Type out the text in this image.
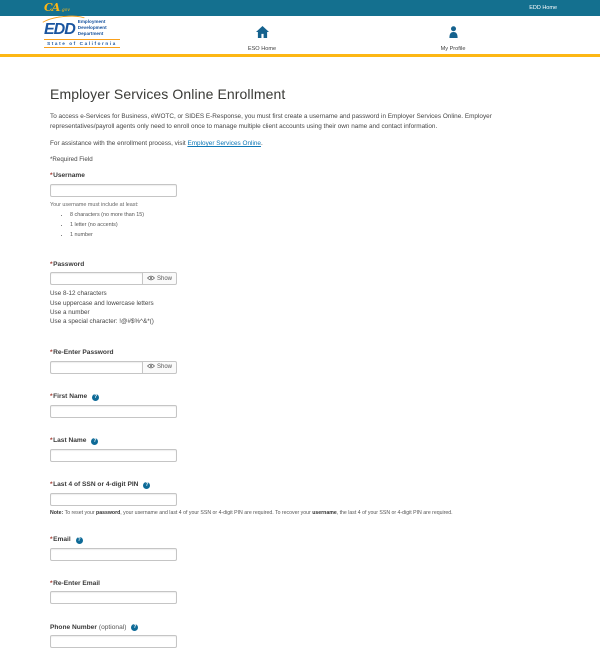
CA .gov	EDD Home
EDD Employment
Development
Department
State of California
ESO Home	My Profile
Employer Services Online Enrollment

To access e-Services for Business, eWOTC, or SIDES E-Response, you must first create a username and password in Employer Services Online. Employer representatives/payroll agents only need to enroll once to manage multiple client accounts using their own name and contact information.

For assistance with the enrollment process, visit Employer Services Online.

*Required Field

* Username
Your username must include at least:
• 8 characters (no more than 15)
• 1 letter (no accents)
• 1 number
* Password
Show
Use 8-12 characters
Use uppercase and lowercase letters
Use a number
Use a special character: !@#$%^&*()
* Re-Enter Password
Show
* First Name	?
* Last Name	?
* Last 4 of SSN or 4-digit PIN	?
Note: To reset your password, your username and last 4 of your SSN or 4-digit PIN are required. To recover your username, the last 4 of your SSN or 4-digit PIN are required.
* Email	?
* Re-Enter Email
Phone Number (optional)	?
